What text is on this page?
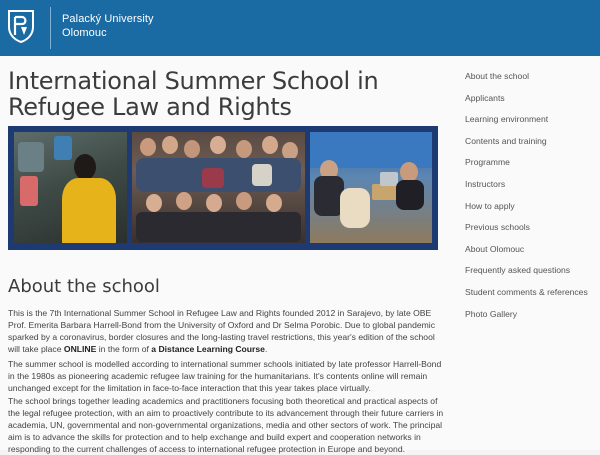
Palacký University
Olomouc
International Summer School in Refugee Law and Rights
About the school

This is the 7th International Summer School in Refugee Law and Rights founded 2012 in Sarajevo, by late OBE Prof. Emerita Barbara Harrell-Bond from the University of Oxford and Dr Selma Porobic. Due to global pandemic sparked by a coronavirus, border closures and the long-lasting travel restrictions, this year's edition of the school will take place ONLINE in the form of a Distance Learning Course.

The summer school is modelled according to international summer schools initiated by late professor Harrell-Bond in the 1980s as pioneering academic refugee law training for the humanitarians. It's contents online will remain unchanged except for the limitation in face-to-face interaction that this year takes place virtually.

The school brings together leading academics and practitioners focusing both theoretical and practical aspects of the legal refugee protection, with an aim to proactively contribute to its advancement through their future carriers in academia, UN, governmental and non-governmental organizations, media and other sectors of work. The principal aim is to advance the skills for protection and to help exchange and build expert and cooperation networks in responding to the current challenges of access to international refugee protection in Europe and beyond.

About the school
Applicants
Learning environment
Contents and training
Programme
Instructors
How to apply
Previous schools
About Olomouc
Frequently asked questions
Student comments & references
Photo Gallery
